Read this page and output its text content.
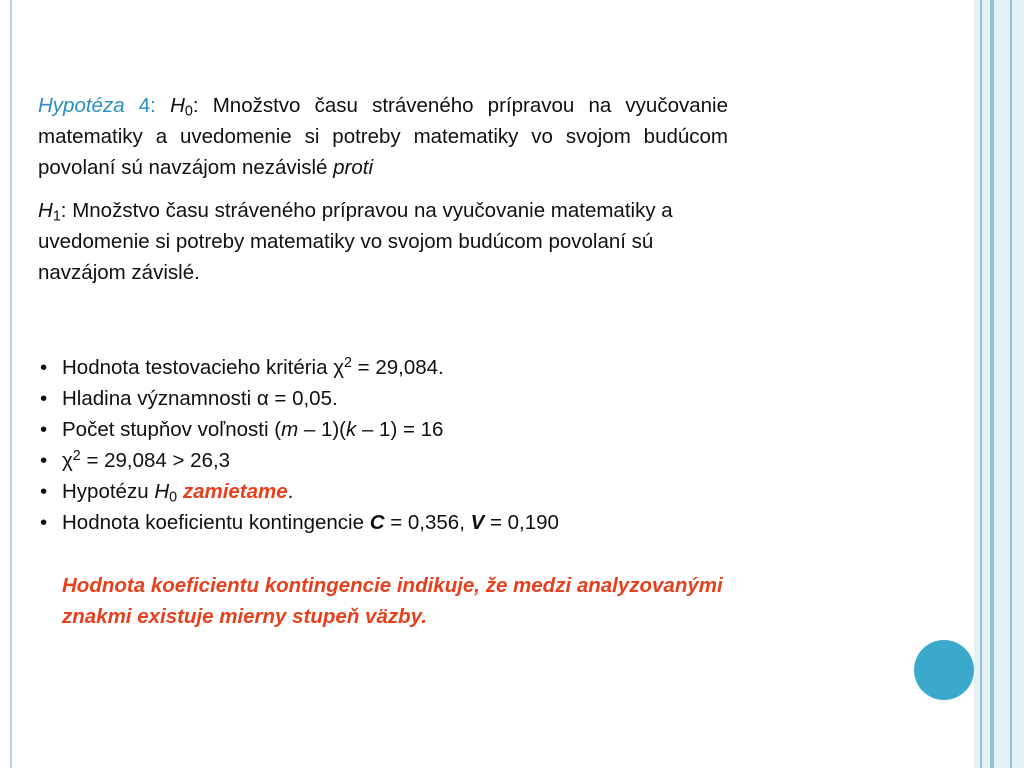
Hypotéza 4: $H_0$: Množstvo času stráveného prípravou na vyučovanie matematiky a uvedomenie si potreby matematiky vo svojom budúcom povolaní sú navzájom nezávislé proti

$H_1$: Množstvo času stráveného prípravou na vyučovanie matematiky a uvedomenie si potreby matematiky vo svojom budúcom povolaní sú navzájom závislé.

• Hodnota testovacieho kritéria $\chi^2 = 29,084$.
• Hladina významnosti α = 0,05.
• Počet stupňov voľnosti (m – 1)(k – 1) = 16
• $\chi^2 = 29,084 > 26,3$
• Hypotézu $H_0$ zamietame.
• Hodnota koeficientu kontingencie C = 0,356, V = 0,190

Hodnota koeficientu kontingencie indikuje, že medzi analyzovanými znakmi existuje mierny stupeň väzby.
